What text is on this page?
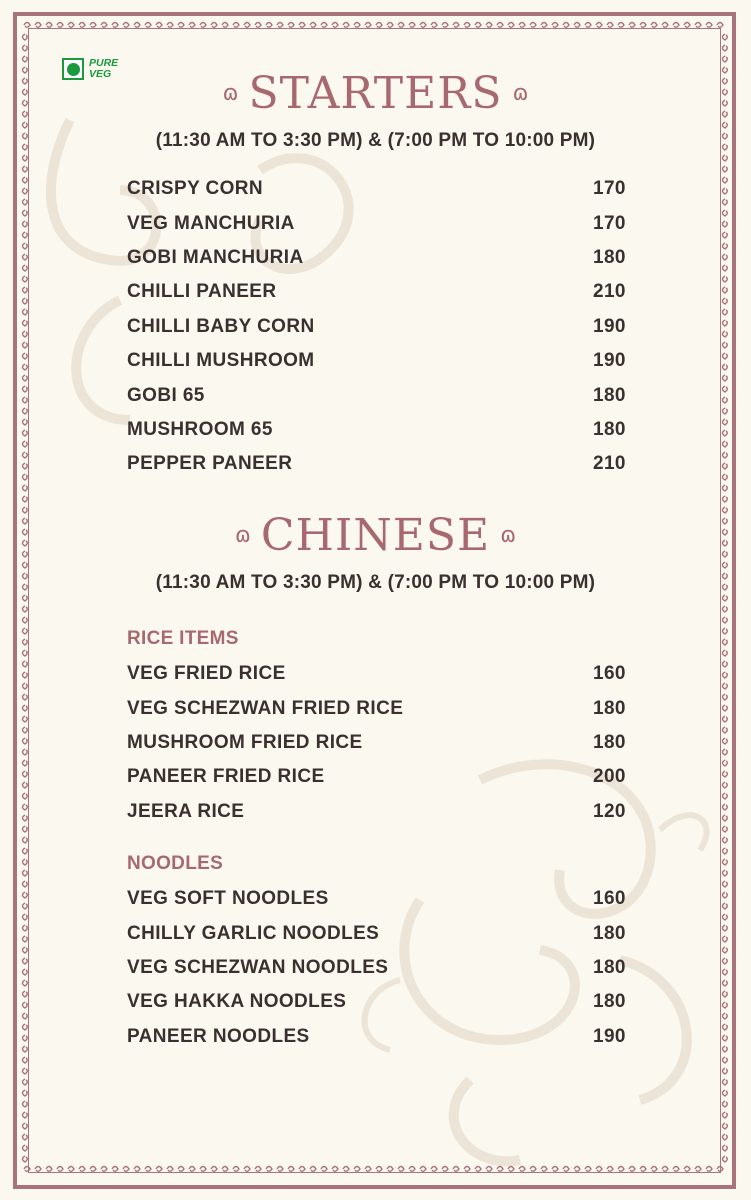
PURE
VEG
ɷ STARTERS ɷ
(11:30 AM TO 3:30 PM) & (7:00 PM TO 10:00 PM)
CRISPY CORN	170
VEG MANCHURIA	170
GOBI MANCHURIA	180
CHILLI PANEER	210
CHILLI BABY CORN	190
CHILLI MUSHROOM	190
GOBI 65	180
MUSHROOM 65	180
PEPPER PANEER	210
ɷ CHINESE ɷ
(11:30 AM TO 3:30 PM) & (7:00 PM TO 10:00 PM)
RICE ITEMS
VEG FRIED RICE	160
VEG SCHEZWAN FRIED RICE	180
MUSHROOM FRIED RICE	180
PANEER FRIED RICE	200
JEERA RICE	120
NOODLES
VEG SOFT NOODLES	160
CHILLY GARLIC NOODLES	180
VEG SCHEZWAN NOODLES	180
VEG HAKKA NOODLES	180
PANEER NOODLES	190
